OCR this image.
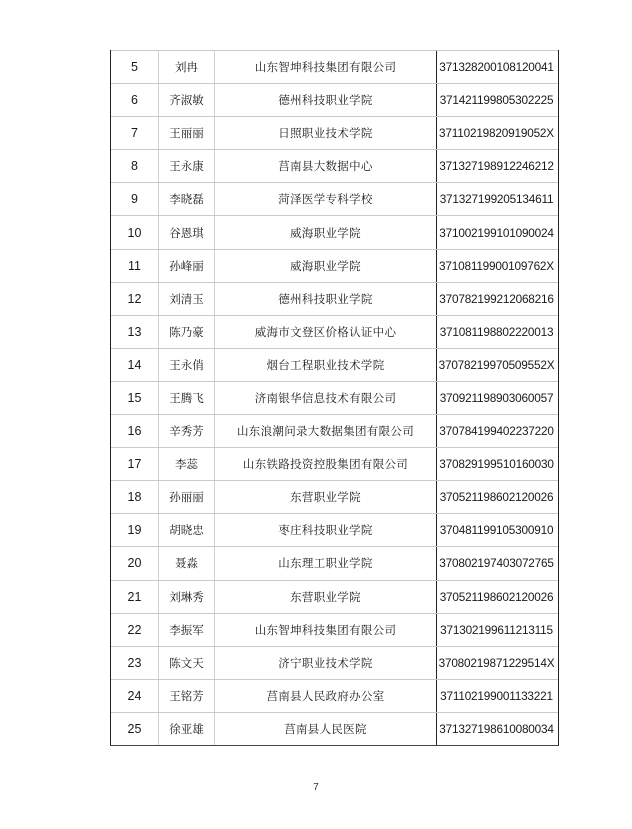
5	刘冉	山东智坤科技集团有限公司	371328200108120041
6	齐淑敏	德州科技职业学院	371421199805302225
7	王丽丽	日照职业技术学院	37110219820919052X
8	王永康	莒南县大数据中心	371327198912246212
9	李晓磊	菏泽医学专科学校	371327199205134611
10	谷恩琪	威海职业学院	371002199101090024
11	孙峰丽	威海职业学院	37108119900109762X
12	刘清玉	德州科技职业学院	370782199212068216
13	陈乃豪	威海市文登区价格认证中心	371081198802220013
14	王永俏	烟台工程职业技术学院	37078219970509552X
15	王腾飞	济南银华信息技术有限公司	370921198903060057
16	辛秀芳	山东浪潮问录大数据集团有限公司	370784199402237220
17	李蕊	山东铁路投资控股集团有限公司	370829199510160030
18	孙丽丽	东营职业学院	370521198602120026
19	胡晓忠	枣庄科技职业学院	370481199105300910
20	聂淼	山东理工职业学院	370802197403072765
21	刘琳秀	东营职业学院	370521198602120026
22	李振军	山东智坤科技集团有限公司	371302199611213115
23	陈文天	济宁职业技术学院	37080219871229514X
24	王铭芳	莒南县人民政府办公室	371102199001133221
25	徐亚雄	莒南县人民医院	371327198610080034
7
